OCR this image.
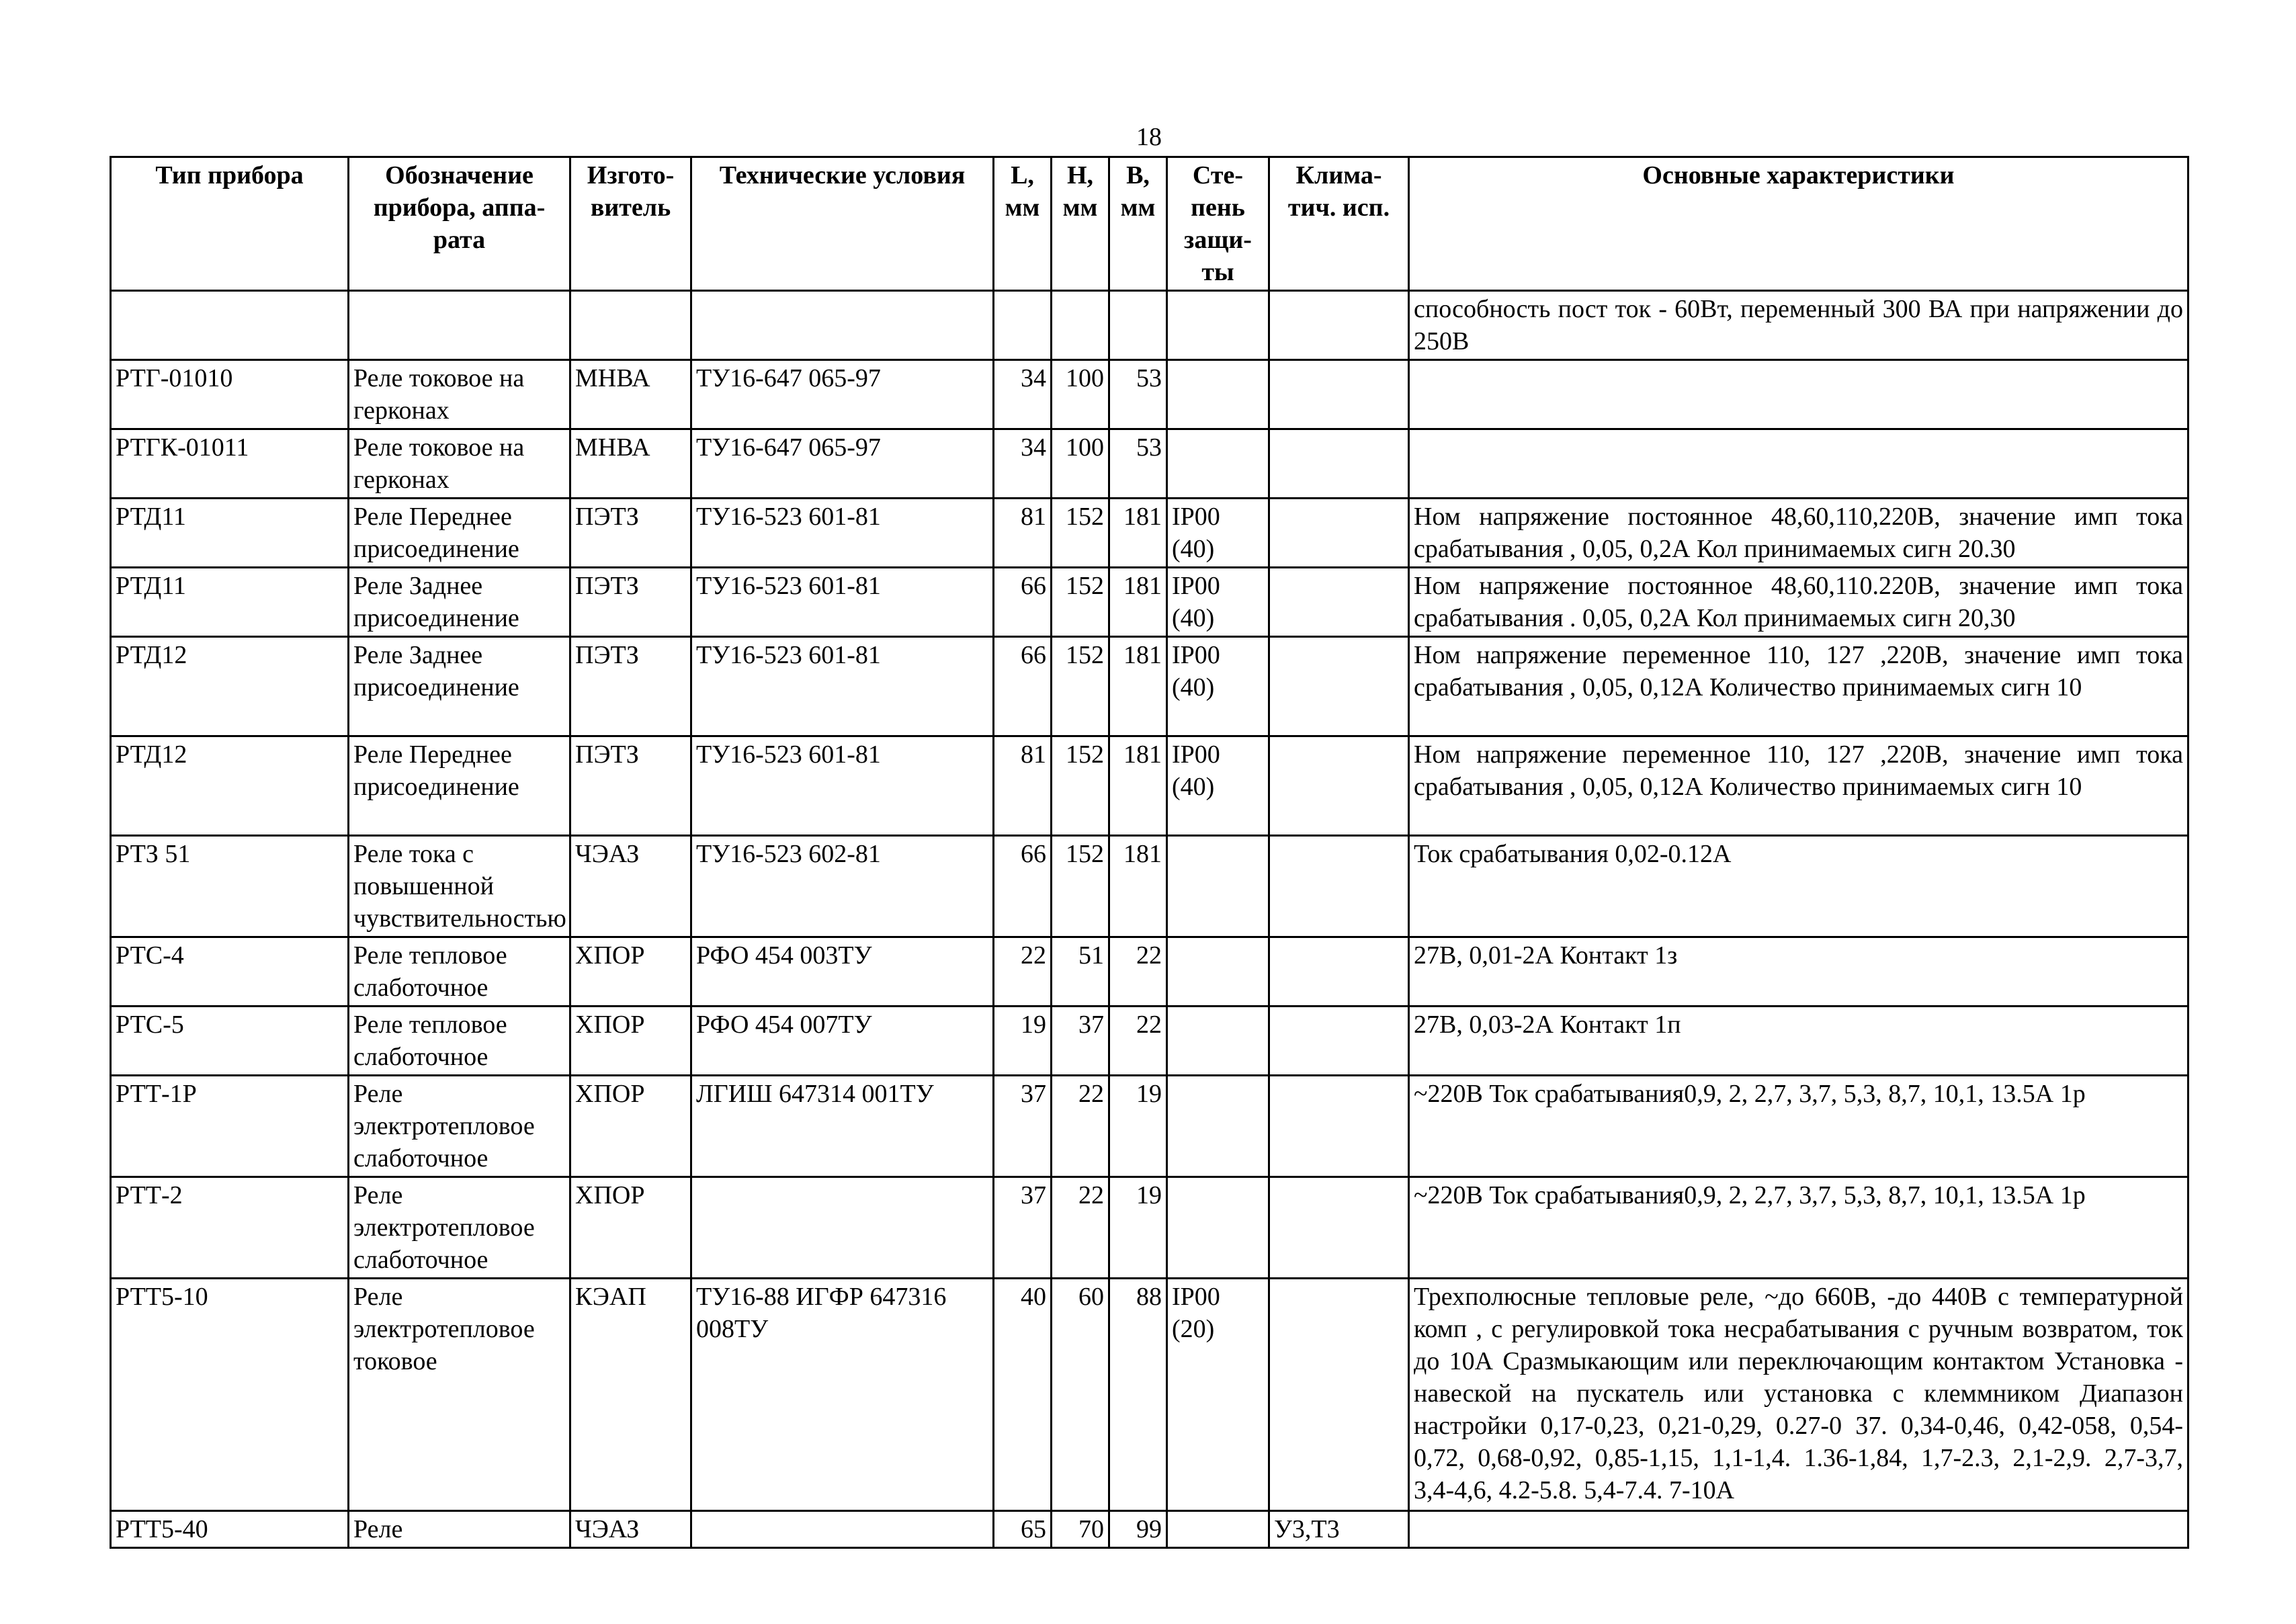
18
Тип прибора	Обозначение прибора, аппа-рата	Изгото-витель	Технические условия	L, мм	H, мм	B, мм	Сте-пень защи-ты	Клима-тич. исп.	Основные характеристики
									способность пост ток - 60Вт, переменный 300 ВА при напряжении до 250В
РТГ-01010	Реле токовое на герконах	МНВА	ТУ16-647 065-97	34	100	53			
РТГК-01011	Реле токовое на герконах	МНВА	ТУ16-647 065-97	34	100	53			
РТД11	Реле Переднее присоединение	ПЭТЗ	ТУ16-523 601-81	81	152	181	IP00 (40)		Ном напряжение постоянное 48,60,110,220В, значение имп тока срабатывания , 0,05, 0,2А Кол принимаемых сигн 20.30
РТД11	Реле Заднее присоединение	ПЭТЗ	ТУ16-523 601-81	66	152	181	IP00 (40)		Ном напряжение постоянное 48,60,110.220В, значение имп тока срабатывания . 0,05, 0,2А Кол принимаемых сигн 20,30
РТД12	Реле Заднее присоединение	ПЭТЗ	ТУ16-523 601-81	66	152	181	IP00 (40)		Ном напряжение переменное 110, 127 ,220В, значение имп тока срабатывания , 0,05, 0,12А Количество принимаемых сигн 10
РТД12	Реле Переднее присоединение	ПЭТЗ	ТУ16-523 601-81	81	152	181	IP00 (40)		Ном напряжение переменное 110, 127 ,220В, значение имп тока срабатывания , 0,05, 0,12А Количество принимаемых сигн 10
РТЗ 51	Реле тока с повышенной чувствительностью	ЧЭАЗ	ТУ16-523 602-81	66	152	181			Ток срабатывания 0,02-0.12А
РТС-4	Реле тепловое слаботочное	ХПОР	РФО 454 003ТУ	22	51	22			27В, 0,01-2А Контакт 1з
РТС-5	Реле тепловое слаботочное	ХПОР	РФО 454 007ТУ	19	37	22			27В, 0,03-2А Контакт 1п
РТТ-1Р	Реле электротепловое слаботочное	ХПОР	ЛГИШ 647314 001ТУ	37	22	19			~220В Ток срабатывания0,9, 2, 2,7, 3,7, 5,3, 8,7, 10,1, 13.5А 1р
РТТ-2	Реле электротепловое слаботочное	ХПОР		37	22	19			~220В Ток срабатывания0,9, 2, 2,7, 3,7, 5,3, 8,7, 10,1, 13.5А 1р
РТТ5-10	Реле электротепловое токовое	КЭАП	ТУ16-88 ИГФР 647316 008ТУ	40	60	88	IP00 (20)		Трехполюсные тепловые реле, ~до 660В, -до 440В с температурной комп , с регулировкой тока несрабатывания с ручным возвратом, ток до 10А Сразмыкающим или переключающим контактом Установка - навеской на пускатель или установка с клеммником Диапазон настройки 0,17-0,23, 0,21-0,29, 0.27-0 37. 0,34-0,46, 0,42-058, 0,54-0,72, 0,68-0,92, 0,85-1,15, 1,1-1,4. 1.36-1,84, 1,7-2.3, 2,1-2,9. 2,7-3,7, 3,4-4,6, 4.2-5.8. 5,4-7.4. 7-10А
РТТ5-40	Реле	ЧЭАЗ		65	70	99		У3,Т3	
